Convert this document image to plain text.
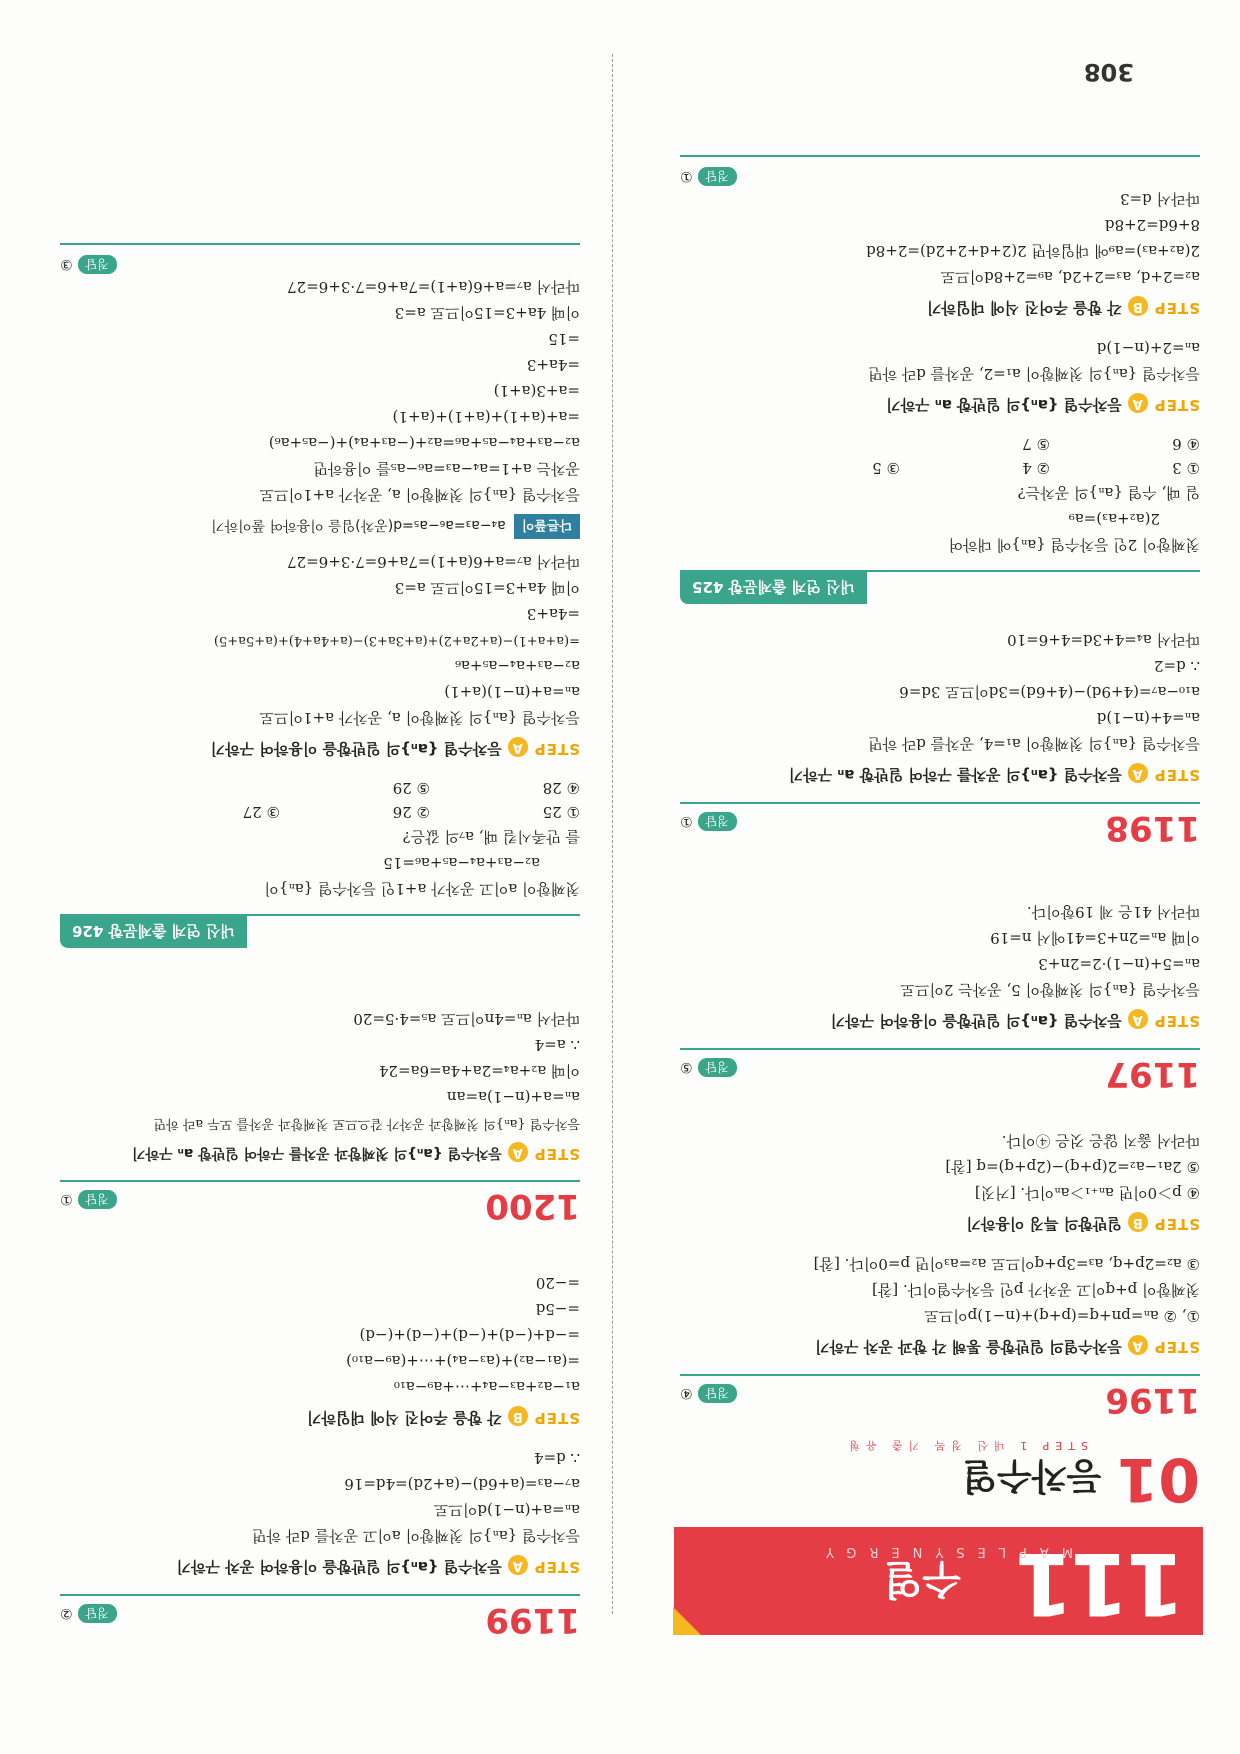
308
111
수열
MAPLESYNERGY
01 등차수열
STEP 1 내신 정복 기출 유형
1196
정답④
STEPA등차수열의 일반항을 통해 각 항과 공차 구하기
①, ② aₙ=pn+q=(p+q)+(n−1)p이므로
첫째항이 p+q이고 공차가 p인 등차수열이다. [참]
③ a₂=2p+q, a₃=3p+q이므로 a₂=a₃이면 p=0이다. [참]
STEPB일반항의 특징 이용하기
④ p＞0이면 aₙ₊₁＞aₙ이다. [거짓]
⑤ 2a₁−a₂=2(p+q)−(2p+q)=q [참]
따라서 옳지 않은 것은 ④이다.
1197
정답⑤
STEPA등차수열 {aₙ}의 일반항을 이용하여 구하기
등차수열 {aₙ}의 첫째항이 5, 공차는 2이므로
aₙ=5+(n−1)·2=2n+3
이때 aₙ=2n+3=41에서 n=19
따라서 41은 제 19항이다.
1198
정답①
STEPA등차수열 {aₙ}의 공차를 구하여 일반항 aₙ 구하기
등차수열 {aₙ}의 첫째항이 a₁=4, 공차를 d라 하면
aₙ=4+(n−1)d
a₁₀−a₇=(4+9d)−(4+6d)=3d이므로 3d=6
∴ d=2
따라서 a₄=4+3d=4+6=10
내신 연계 출제문항 425
첫째항이 2인 등차수열 {aₙ}에 대하여
2(a₂+a₃)=a₉
일 때, 수열 {aₙ}의 공차는?
① 3② 4③ 5
④ 6⑤ 7
STEPA등차수열 {aₙ}의 일반항 aₙ 구하기
등차수열 {aₙ}의 첫째항이 a₁=2, 공차를 d라 하면
aₙ=2+(n−1)d
STEPB각 항을 주어진 식에 대입하기
a₂=2+d, a₃=2+2d, a₉=2+8d이므로
2(a₂+a₃)=a₉에 대입하면 2(2+d+2+2d)=2+8d
8+6d=2+8d
따라서 d=3
정답①
1199
정답②
STEPA등차수열 {aₙ}의 일반항을 이용하여 공차 구하기
등차수열 {aₙ}의 첫째항이 a이고 공차를 d라 하면
aₙ=a+(n−1)d이므로
a₇−a₃=(a+6d)−(a+2d)=4d=16
∴ d=4
STEPB각 항을 주어진 식에 대입하기
a₁−a₂+a₃−a₄+⋯+a₉−a₁₀
=(a₁−a₂)+(a₃−a₄)+⋯+(a₉−a₁₀)
=−d+(−d)+(−d)+(−d)+(−d)
=−5d
=−20
1200
정답①
STEPA등차수열 {aₙ}의 첫째항과 공차를 구하여 일반항 aₙ 구하기
등차수열 {aₙ}의 첫째항과 공차가 같으므로 첫째항과 공차를 모두 a라 하면
aₙ=a+(n−1)a=an
이때 a₂+a₄=2a+4a=6a=24
∴ a=4
따라서 aₙ=4n이므로 a₅=4·5=20
내신 연계 출제문항 426
첫째항이 a이고 공차가 a+1인 등차수열 {aₙ}이
a₂−a₃+a₄−a₅+a₆=15
를 만족시킬 때, a₇의 값은?
① 25② 26③ 27
④ 28⑤ 29
STEPA등차수열 {aₙ}의 일반항을 이용하여 구하기
등차수열 {aₙ}의 첫째항이 a, 공차가 a+1이므로
aₙ=a+(n−1)(a+1)
a₂−a₃+a₄−a₅+a₆
=(a+a+1)−(a+2a+2)+(a+3a+3)−(a+4a+4)+(a+5a+5)
=4a+3
이때 4a+3=15이므로 a=3
따라서 a₇=a+6(a+1)=7a+6=7·3+6=27
다른풀이a₄−a₃=a₆−a₅=d(공차)임을 이용하여 풀이하기
등차수열 {aₙ}의 첫째항이 a, 공차가 a+1이므로
공차는 a+1=a₄−a₃=a₆−a₅를 이용하면
a₂−a₃+a₄−a₅+a₆=a₂+(−a₃+a₄)+(−a₅+a₆)
=a+(a+1)+(a+1)+(a+1)
=a+3(a+1)
=4a+3
=15
이때 4a+3=15이므로 a=3
따라서 a₇=a+6(a+1)=7a+6=7·3+6=27
정답③
